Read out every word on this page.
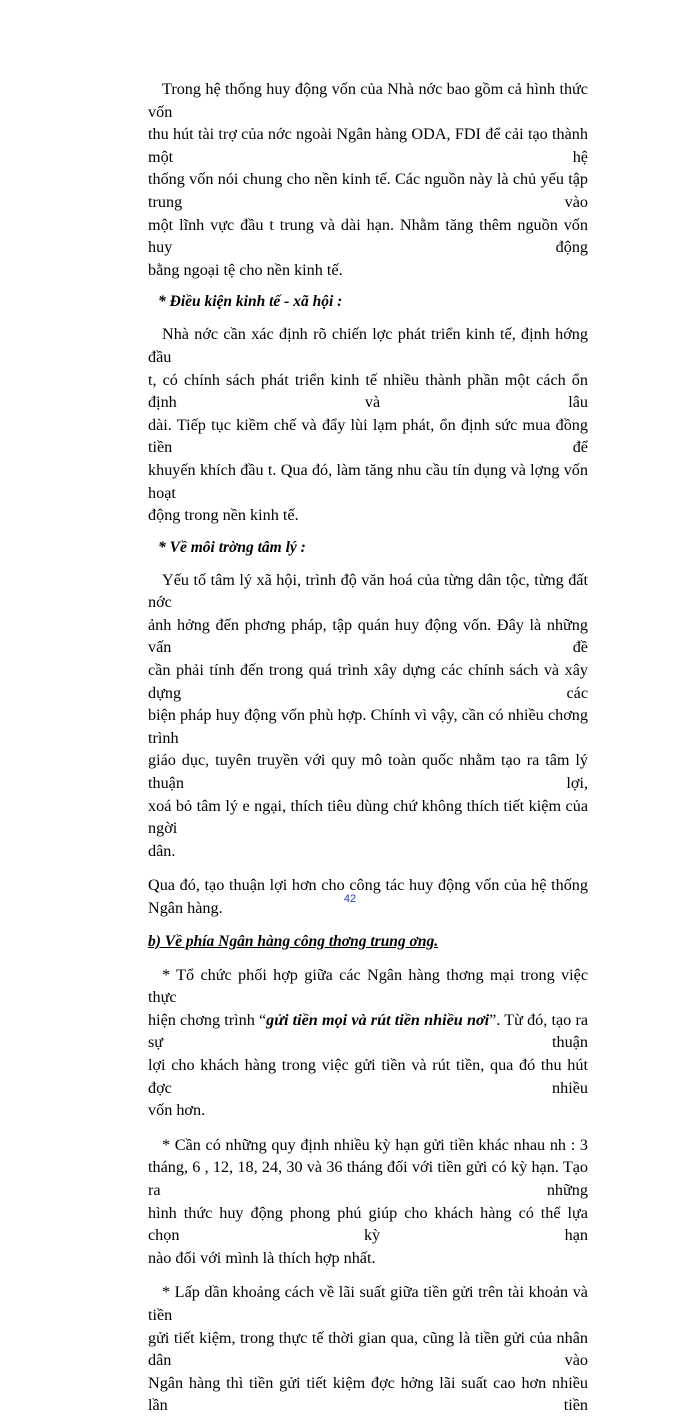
Trong hệ thống huy động vốn của Nhà nớc bao gồm cả hình thức vốn
thu hút tài trợ của nớc ngoài Ngân hàng ODA, FDI để cải tạo thành một hệ
thống vốn nói chung cho nền kinh tế. Các nguồn này là chủ yếu tập trung vào
một lĩnh vực đầu t trung và dài hạn. Nhằm tăng thêm nguồn vốn huy động
bằng ngoại tệ cho nền kinh tế.
* Điều kiện kinh tế - xã hội :
Nhà nớc cần xác định rõ chiến lợc phát triển kinh tế, định hớng đầu
t, có chính sách phát triển kinh tế nhiều thành phần một cách ổn định và lâu
dài. Tiếp tục kiềm chế và đẩy lùi lạm phát, ổn định sức mua đồng tiền để
khuyến khích đầu t. Qua đó, làm tăng nhu cầu tín dụng và lợng vốn hoạt
động trong nền kinh tế.
* Về môi trờng tâm lý :
Yếu tố tâm lý xã hội, trình độ văn hoá của từng dân tộc, từng đất nớc
ảnh hởng đến phơng pháp, tập quán huy động vốn. Đây là những vấn đề
cần phải tính đến trong quá trình xây dựng các chính sách và xây dựng các
biện pháp huy động vốn phù hợp. Chính vì vậy, cần có nhiều chơng trình
giáo dục, tuyên truyền với quy mô toàn quốc nhằm tạo ra tâm lý thuận lợi,
xoá bỏ tâm lý e ngại, thích tiêu dùng chứ không thích tiết kiệm của ngời
dân.
Qua đó, tạo thuận lợi hơn cho công tác huy động vốn của hệ thống
Ngân hàng.
b) Về phía Ngân hàng công thơng trung ơng.
* Tổ chức phối hợp giữa các Ngân hàng thơng mại trong việc thực
hiện chơng trình “gửi tiền mọi và rút tiền nhiều nơi”. Từ đó, tạo ra sự thuận
lợi cho khách hàng trong việc gửi tiền và rút tiền, qua đó thu hút đợc nhiều
vốn hơn.
* Cần có những quy định nhiều kỳ hạn gửi tiền khác nhau nh : 3
tháng, 6 , 12, 18, 24, 30 và 36 tháng đối với tiền gửi có kỳ hạn. Tạo ra những
hình thức huy động phong phú giúp cho khách hàng có thể lựa chọn kỳ hạn
nào đối với mình là thích hợp nhất.
* Lấp dần khoảng cách về lãi suất giữa tiền gửi trên tài khoản và tiền
gửi tiết kiệm, trong thực tế thời gian qua, cũng là tiền gửi của nhân dân vào
Ngân hàng thì tiền gửi tiết kiệm đợc hởng lãi suất cao hơn nhiều lần tiền
42
